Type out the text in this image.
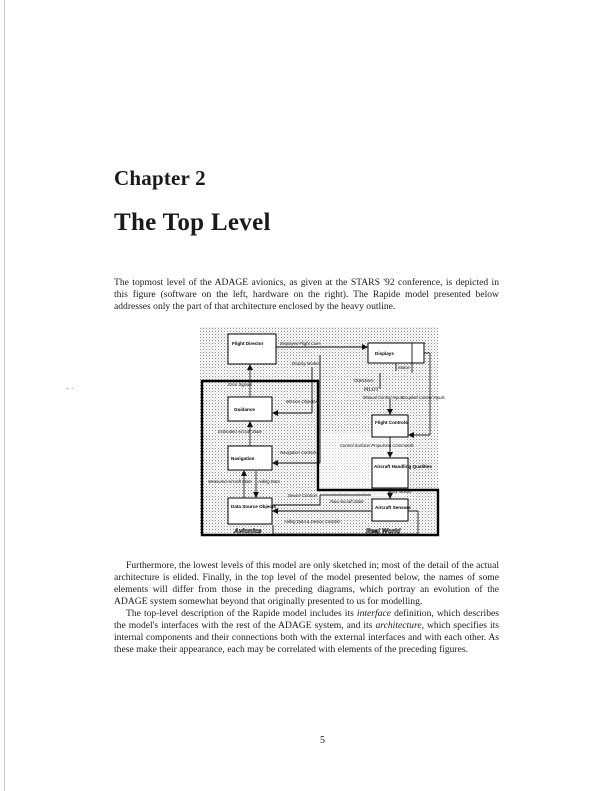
- ·
Chapter 2
The Top Level

The topmost level of the ADAGE avionics, as given at the STARS '92 conference, is depicted in this figure (software on the left, hardware on the right). The Rapide model presented below addresses only the part of that architecture enclosed by the heavy outline.

Flight Director
Displays
Guidance
Navigation
Data Source Objects
Flight Controls
Aircraft Handling Qualities
Aircraft Sensors
Displayed Flight Cues
Display Modes
Status
Objectives
Error Signals
Mission Objective
Manual Control Inputs
Coupled Control Inputs
Estimated Aircraft State
Control Surface/ Propulsion Commands
Navigation Controls
Measured Aircraft State Aiding Data
Body Motion
Device Controls
Raw Aircraft State
Aiding Data & Device Controls
PILOT
Avionics	Real World

Furthermore, the lowest levels of this model are only sketched in; most of the detail of the actual architecture is elided. Finally, in the top level of the model presented below, the names of some elements will differ from those in the preceding diagrams, which portray an evolution of the ADAGE system somewhat beyond that originally presented to us for modelling.

The top-level description of the Rapide model includes its interface definition, which describes the model's interfaces with the rest of the ADAGE system, and its architecture, which specifies its internal components and their connections both with the external interfaces and with each other. As these make their appearance, each may be correlated with elements of the preceding figures.

5
